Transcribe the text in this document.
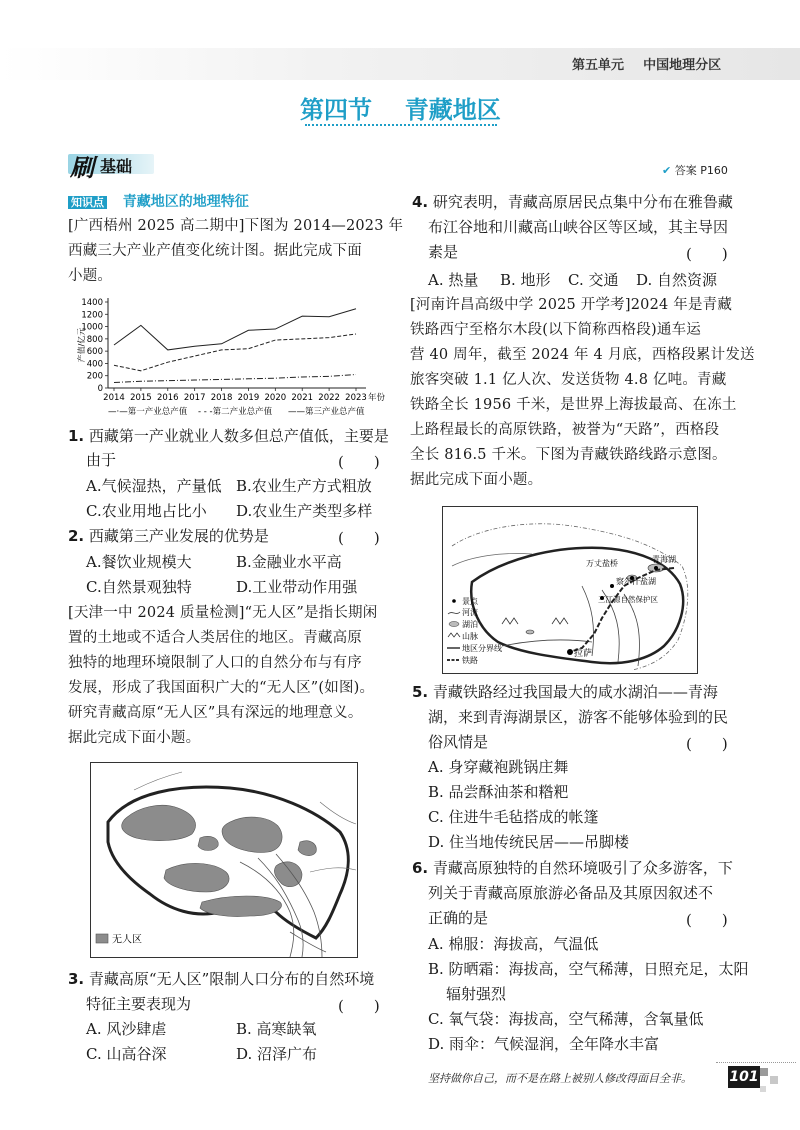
第五单元 中国地理分区
第四节 青藏地区
刷 基础	✔ 答案 P160
知识点 青藏地区的地理特征
[广西梧州 2025 高二期中]下图为 2014—2023 年
西藏三大产业产值变化统计图。据此完成下面
小题。
0
200
400
600
800
1000
1200
1400
2014 2015 2016 2017 2018 2019 2020 2021 2022 2023 年份
产值/亿元
—·—第一产业总产值 - - -第二产业总产值 ——第三产业总产值
1. 西藏第一产业就业人数多但总产值低，主要是
由于	(　　)
A.气候湿热，产量低 B.农业生产方式粗放
C.农业用地占比小 D.农业生产类型多样
2. 西藏第三产业发展的优势是	(　　)
A.餐饮业规模大	B.金融业水平高
C.自然景观独特	D.工业带动作用强
[天津一中 2024 质量检测]“无人区”是指长期闲
置的土地或不适合人类居住的地区。青藏高原
独特的地理环境限制了人口的自然分布与有序
发展，形成了我国面积广大的“无人区”(如图)。
研究青藏高原“无人区”具有深远的地理意义。
据此完成下面小题。
无人区
3. 青藏高原“无人区”限制人口分布的自然环境
特征主要表现为	(　　)
A. 风沙肆虐	B. 高寒缺氧
C. 山高谷深	D. 沼泽广布
4. 研究表明，青藏高原居民点集中分布在雅鲁藏
布江谷地和川藏高山峡谷区等区域，其主导因
素是	(　　)
A. 热量 B. 地形 C. 交通 D. 自然资源
[河南许昌高级中学 2025 开学考]2024 年是青藏
铁路西宁至格尔木段(以下简称西格段)通车运
营 40 周年，截至 2024 年 4 月底，西格段累计发送
旅客突破 1.1 亿人次、发送货物 4.8 亿吨。青藏
铁路全长 1956 千米，是世界上海拔最高、在冻土
上路程最长的高原铁路，被誉为“天路”，西格段
全长 816.5 千米。下图为青藏铁路线路示意图。
据此完成下面小题。
万丈盐桥	青海湖
察尔汗盐湖
三江源自然保护区
拉萨
景点
河流
湖泊
山脉
地区分界线
铁路
5. 青藏铁路经过我国最大的咸水湖泊——青海
湖，来到青海湖景区，游客不能够体验到的民
俗风情是	(　　)
A. 身穿藏袍跳锅庄舞
B. 品尝酥油茶和糌粑
C. 住进牛毛毡搭成的帐篷
D. 住当地传统民居——吊脚楼
6. 青藏高原独特的自然环境吸引了众多游客，下
列关于青藏高原旅游必备品及其原因叙述不
正确的是	(　　)
A. 棉服：海拔高，气温低
B. 防晒霜：海拔高，空气稀薄，日照充足，太阳
辐射强烈
C. 氧气袋：海拔高，空气稀薄，含氧量低
D. 雨伞：气候湿润，全年降水丰富
坚持做你自己，而不是在路上被别人修改得面目全非。	101
